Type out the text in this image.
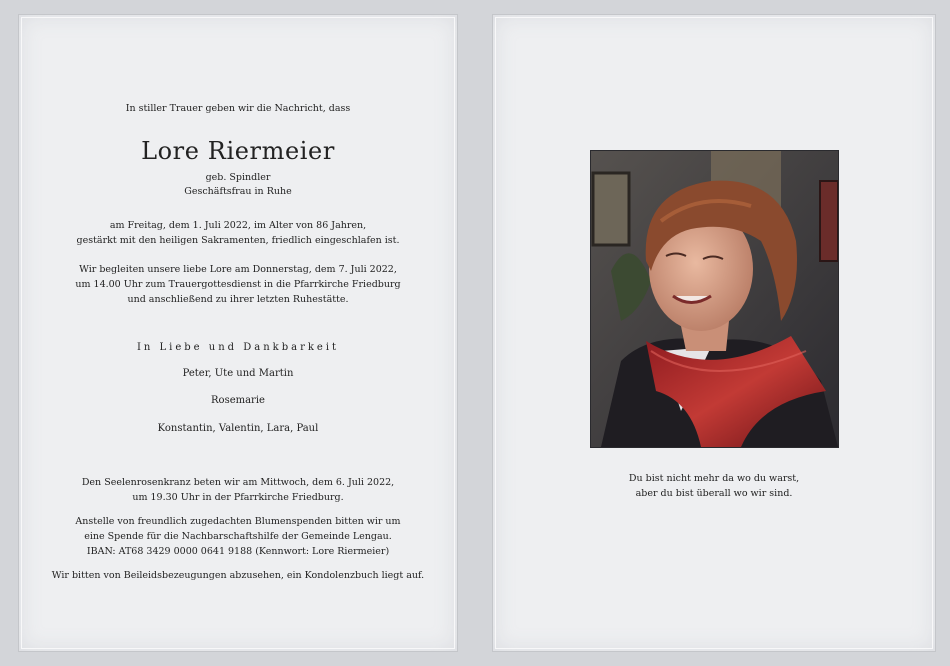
In stiller Trauer geben wir die Nachricht, dass
Lore Riermeier
geb. Spindler
Geschäftsfrau in Ruhe
am Freitag, dem 1. Juli 2022, im Alter von 86 Jahren,
gestärkt mit den heiligen Sakramenten, friedlich eingeschlafen ist.
Wir begleiten unsere liebe Lore am Donnerstag, dem 7. Juli 2022,
um 14.00 Uhr zum Trauergottesdienst in die Pfarrkirche Friedburg
und anschließend zu ihrer letzten Ruhestätte.
In Liebe und Dankbarkeit
Peter, Ute und Martin
Rosemarie
Konstantin, Valentin, Lara, Paul
Den Seelenrosenkranz beten wir am Mittwoch, dem 6. Juli 2022,
um 19.30 Uhr in der Pfarrkirche Friedburg.
Anstelle von freundlich zugedachten Blumenspenden bitten wir um
eine Spende für die Nachbarschaftshilfe der Gemeinde Lengau.
IBAN: AT68 3429 0000 0641 9188 (Kennwort: Lore Riermeier)
Wir bitten von Beileidsbezeugungen abzusehen, ein Kondolenzbuch liegt auf.
Du bist nicht mehr da wo du warst,
aber du bist überall wo wir sind.
